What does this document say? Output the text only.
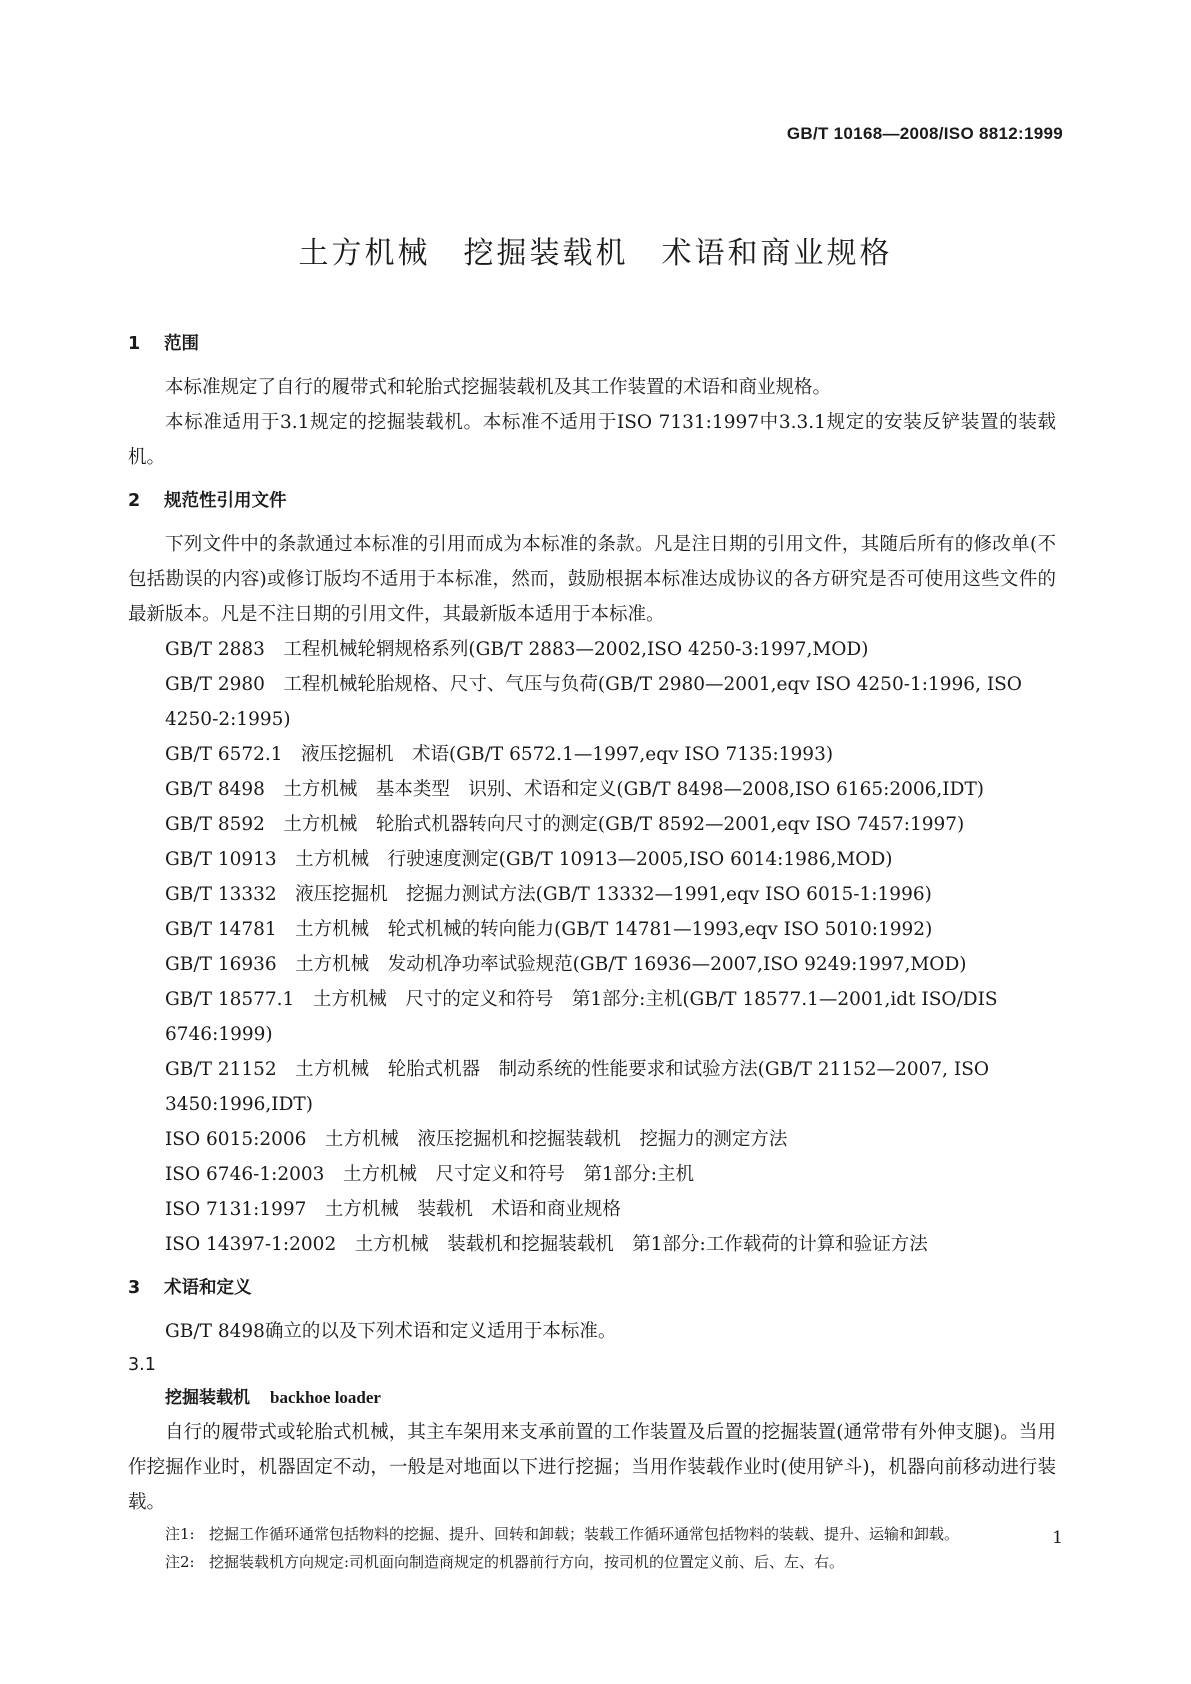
GB/T 10168—2008/ISO 8812:1999
土方机械　挖掘装载机　术语和商业规格
1 范围

本标准规定了自行的履带式和轮胎式挖掘装载机及其工作装置的术语和商业规格。

本标准适用于3.1规定的挖掘装载机。本标准不适用于ISO 7131:1997中3.3.1规定的安装反铲装置的装载机。

2 规范性引用文件

下列文件中的条款通过本标准的引用而成为本标准的条款。凡是注日期的引用文件，其随后所有的修改单(不包括勘误的内容)或修订版均不适用于本标准，然而，鼓励根据本标准达成协议的各方研究是否可使用这些文件的最新版本。凡是不注日期的引用文件，其最新版本适用于本标准。

GB/T 2883　工程机械轮辋规格系列(GB/T 2883—2002,ISO 4250-3:1997,MOD)
GB/T 2980　工程机械轮胎规格、尺寸、气压与负荷(GB/T 2980—2001,eqv ISO 4250-1:1996, ISO 4250-2:1995)
GB/T 6572.1　液压挖掘机　术语(GB/T 6572.1—1997,eqv ISO 7135:1993)
GB/T 8498　土方机械　基本类型　识别、术语和定义(GB/T 8498—2008,ISO 6165:2006,IDT)
GB/T 8592　土方机械　轮胎式机器转向尺寸的测定(GB/T 8592—2001,eqv ISO 7457:1997)
GB/T 10913　土方机械　行驶速度测定(GB/T 10913—2005,ISO 6014:1986,MOD)
GB/T 13332　液压挖掘机　挖掘力测试方法(GB/T 13332—1991,eqv ISO 6015-1:1996)
GB/T 14781　土方机械　轮式机械的转向能力(GB/T 14781—1993,eqv ISO 5010:1992)
GB/T 16936　土方机械　发动机净功率试验规范(GB/T 16936—2007,ISO 9249:1997,MOD)
GB/T 18577.1　土方机械　尺寸的定义和符号　第1部分:主机(GB/T 18577.1—2001,idt ISO/DIS 6746:1999)
GB/T 21152　土方机械　轮胎式机器　制动系统的性能要求和试验方法(GB/T 21152—2007, ISO 3450:1996,IDT)
ISO 6015:2006　土方机械　液压挖掘机和挖掘装载机　挖掘力的测定方法
ISO 6746-1:2003　土方机械　尺寸定义和符号　第1部分:主机
ISO 7131:1997　土方机械　装载机　术语和商业规格
ISO 14397-1:2002　土方机械　装载机和挖掘装载机　第1部分:工作载荷的计算和验证方法
3 术语和定义

GB/T 8498确立的以及下列术语和定义适用于本标准。

3.1
挖掘装载机 backhoe loader

自行的履带式或轮胎式机械，其主车架用来支承前置的工作装置及后置的挖掘装置(通常带有外伸支腿)。当用作挖掘作业时，机器固定不动，一般是对地面以下进行挖掘；当用作装载作业时(使用铲斗)，机器向前移动进行装载。

注1: 挖掘工作循环通常包括物料的挖掘、提升、回转和卸载；装载工作循环通常包括物料的装载、提升、运输和卸载。
注2: 挖掘装载机方向规定:司机面向制造商规定的机器前行方向，按司机的位置定义前、后、左、右。
1
